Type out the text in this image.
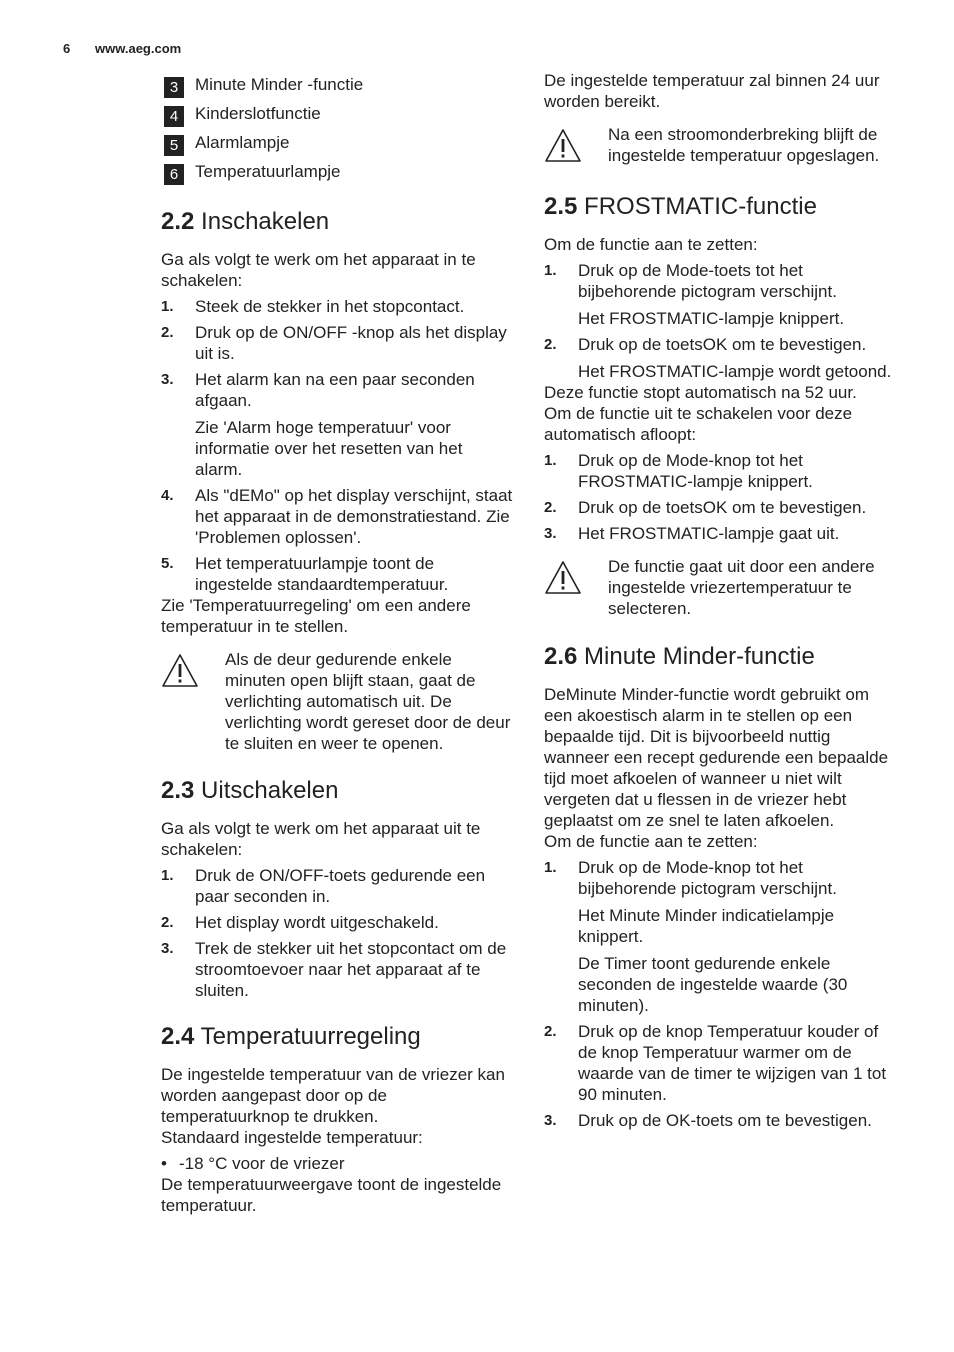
6 www.aeg.com
3 Minute Minder -functie
4 Kinderslotfunctie
5 Alarmlampje
6 Temperatuurlampje
2.2 Inschakelen

Ga als volgt te werk om het apparaat in te schakelen:

1.	Steek de stekker in het stopcontact.
2.	Druk op de ON/OFF -knop als het display uit is.
3.	Het alarm kan na een paar seconden afgaan.

Zie 'Alarm hoge temperatuur' voor informatie over het resetten van het alarm.

4.	Als "dEMo" op het display verschijnt, staat het apparaat in de demonstratiestand. Zie 'Problemen oplossen'.
5.	Het temperatuurlampje toont de ingestelde standaardtemperatuur.

Zie 'Temperatuurregeling' om een andere temperatuur in te stellen.

Als de deur gedurende enkele minuten open blijft staan, gaat de verlichting automatisch uit. De verlichting wordt gereset door de deur te sluiten en weer te openen.

2.3 Uitschakelen

Ga als volgt te werk om het apparaat uit te schakelen:

1.	Druk de ON/OFF-toets gedurende een paar seconden in.
2.	Het display wordt uitgeschakeld.
3.	Trek de stekker uit het stopcontact om de stroomtoevoer naar het apparaat af te sluiten.
2.4 Temperatuurregeling

De ingestelde temperatuur van de vriezer kan worden aangepast door op de temperatuurknop te drukken.

Standaard ingestelde temperatuur:

• -18 °C voor de vriezer

De temperatuurweergave toont de ingestelde temperatuur.

De ingestelde temperatuur zal binnen 24 uur worden bereikt.

Na een stroomonderbreking blijft de ingestelde temperatuur opgeslagen.

2.5 FROSTMATIC-functie

Om de functie aan te zetten:

1.	Druk op de Mode-toets tot het bijbehorende pictogram verschijnt.

Het FROSTMATIC-lampje knippert.

2.	Druk op de toetsOK om te bevestigen.

Het FROSTMATIC-lampje wordt getoond.

Deze functie stopt automatisch na 52 uur.

Om de functie uit te schakelen voor deze automatisch afloopt:

1.	Druk op de Mode-knop tot het FROSTMATIC-lampje knippert.
2.	Druk op de toetsOK om te bevestigen.
3.	Het FROSTMATIC-lampje gaat uit.

De functie gaat uit door een andere ingestelde vriezertemperatuur te selecteren.

2.6 Minute Minder-functie

DeMinute Minder-functie wordt gebruikt om een akoestisch alarm in te stellen op een bepaalde tijd. Dit is bijvoorbeeld nuttig wanneer een recept gedurende een bepaalde tijd moet afkoelen of wanneer u niet wilt vergeten dat u flessen in de vriezer hebt geplaatst om ze snel te laten afkoelen.

Om de functie aan te zetten:

1.	Druk op de Mode-knop tot het bijbehorende pictogram verschijnt.

Het Minute Minder indicatielampje knippert.

De Timer toont gedurende enkele seconden de ingestelde waarde (30 minuten).

2.	Druk op de knop Temperatuur kouder of de knop Temperatuur warmer om de waarde van de timer te wijzigen van 1 tot 90 minuten.
3.	Druk op de OK-toets om te bevestigen.
